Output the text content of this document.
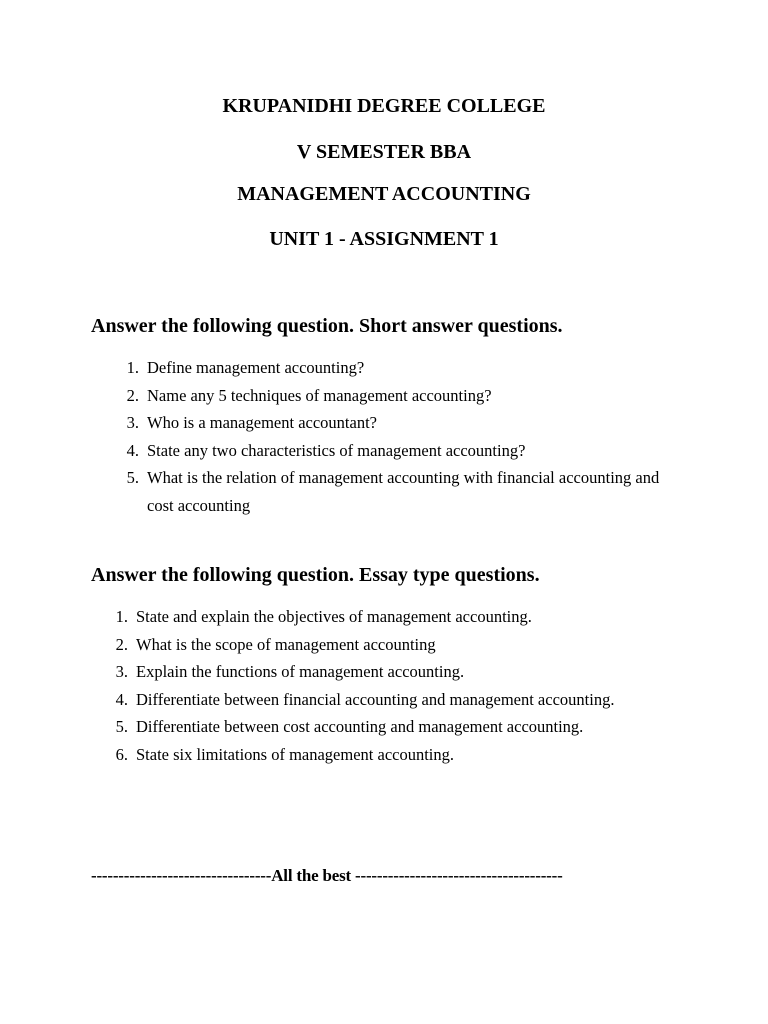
KRUPANIDHI DEGREE COLLEGE
V SEMESTER BBA
MANAGEMENT ACCOUNTING
UNIT 1 - ASSIGNMENT 1
Answer the following question. Short answer questions.
1. Define management accounting?
2. Name any 5 techniques of management accounting?
3. Who is a management accountant?
4. State any two characteristics of management accounting?
5. What is the relation of management accounting with financial accounting and cost accounting
Answer the following question. Essay type questions.
1. State and explain the objectives of management accounting.
2. What is the scope of management accounting
3. Explain the functions of management accounting.
4. Differentiate between financial accounting and management accounting.
5. Differentiate between cost accounting and management accounting.
6. State six limitations of management accounting.
---------------------------------All the best --------------------------------------
